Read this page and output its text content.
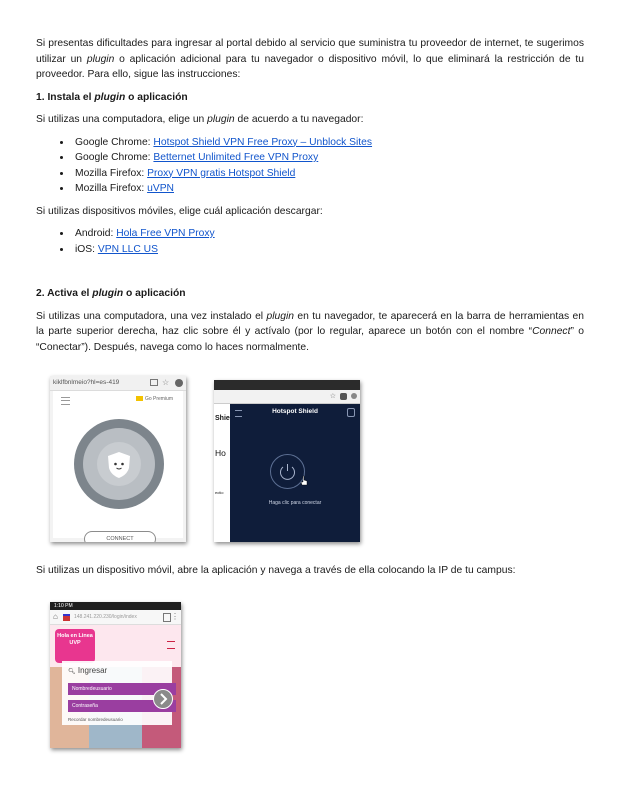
Si presentas dificultades para ingresar al portal debido al servicio que suministra tu proveedor de internet, te sugerimos utilizar un plugin o aplicación adicional para tu navegador o dispositivo móvil, lo que eliminará la restricción de tu proveedor. Para ello, sigue las instrucciones:

1. Instala el plugin o aplicación

Si utilizas una computadora, elige un plugin de acuerdo a tu navegador:

• Google Chrome: Hotspot Shield VPN Free Proxy – Unblock Sites
• Google Chrome: Betternet Unlimited Free VPN Proxy
• Mozilla Firefox: Proxy VPN gratis Hotspot Shield
• Mozilla Firefox: uVPN

Si utilizas dispositivos móviles, elige cuál aplicación descargar:

• Android: Hola Free VPN Proxy
• iOS: VPN LLC US

2. Activa el plugin o aplicación

Si utilizas una computadora, una vez instalado el plugin en tu navegador, te aparecerá en la barra de herramientas en la parte superior derecha, haz clic sobre él y actívalo (por lo regular, aparece un botón con el nombre “Connect” o “Conectar”). Después, navega como lo haces normalmente.

Si utilizas un dispositivo móvil, abre la aplicación y navega a través de ella colocando la IP de tu campus:

kiklfbnlmeio?hl=es-419	☆
Go Premium
CONNECT
☆
Shie
Ho
ectio
Hotspot Shield
Haga clic para conectar
1:10 PM
⌂	148.241.220.230/login/index	⋮
Hola en Linea UVP
🔍︎ Ingresar
Nombredeusuario
Contraseña
Recordar nombredeusuario
